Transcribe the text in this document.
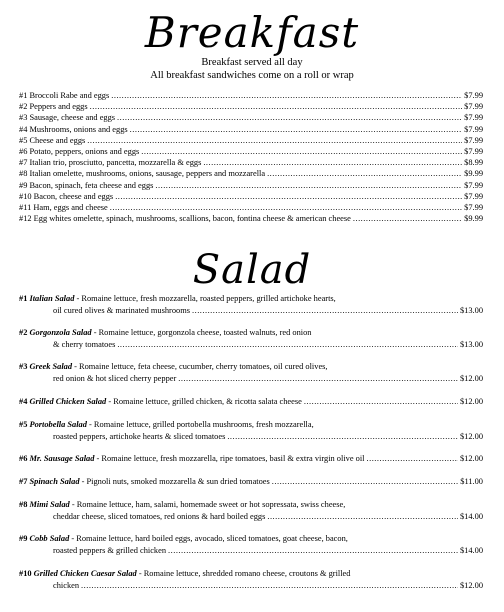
Breakfast
Breakfast served all day
All breakfast sandwiches come on a roll or wrap
#1 Broccoli Rabe and eggs .....	$7.99
#2 Peppers and eggs .....	$7.99
#3 Sausage, cheese and eggs .....	$7.99
#4 Mushrooms, onions and eggs .....	$7.99
#5 Cheese and eggs .....	$7.99
#6 Potato, peppers, onions and eggs .....	$7.99
#7 Italian trio, prosciutto, pancetta, mozzarella & eggs .....	$8.99
#8 Italian omelette, mushrooms, onions, sausage, peppers and mozzarella .....	$9.99
#9 Bacon, spinach, feta cheese and eggs .....	$7.99
#10 Bacon, cheese and eggs .....	$7.99
#11 Ham, eggs and cheese .....	$7.99
#12 Egg whites omelette, spinach, mushrooms, scallions, bacon, fontina cheese & american cheese .....	$9.99
Salad
#1 Italian Salad - Romaine lettuce, fresh mozzarella, roasted peppers, grilled artichoke hearts,
oil cured olives & marinated mushrooms .....	$13.00
#2 Gorgonzola Salad - Romaine lettuce, gorgonzola cheese, toasted walnuts, red onion
& cherry tomatoes .....	$13.00
#3 Greek Salad - Romaine lettuce, feta cheese, cucumber, cherry tomatoes, oil cured olives,
red onion & hot sliced cherry pepper .....	$12.00
#4 Grilled Chicken Salad - Romaine lettuce, grilled chicken, & ricotta salata cheese .....	$12.00
#5 Portobella Salad - Romaine lettuce, grilled portobella mushrooms, fresh mozzarella,
roasted peppers, artichoke hearts & sliced tomatoes .....	$12.00
#6 Mr. Sausage Salad - Romaine lettuce, fresh mozzarella, ripe tomatoes, basil & extra virgin olive oil .....	$12.00
#7 Spinach Salad - Pignoli nuts, smoked mozzarella & sun dried tomatoes .....	$11.00
#8 Mimi Salad - Romaine lettuce, ham, salami, homemade sweet or hot sopressata, swiss cheese,
cheddar cheese, sliced tomatoes, red onions & hard boiled eggs .....	$14.00
#9 Cobb Salad - Romaine lettuce, hard boiled eggs, avocado, sliced tomatoes, goat cheese, bacon,
roasted peppers & grilled chicken .....	$14.00
#10 Grilled Chicken Caesar Salad - Romaine lettuce, shredded romano cheese, croutons & grilled
chicken .....	$12.00
